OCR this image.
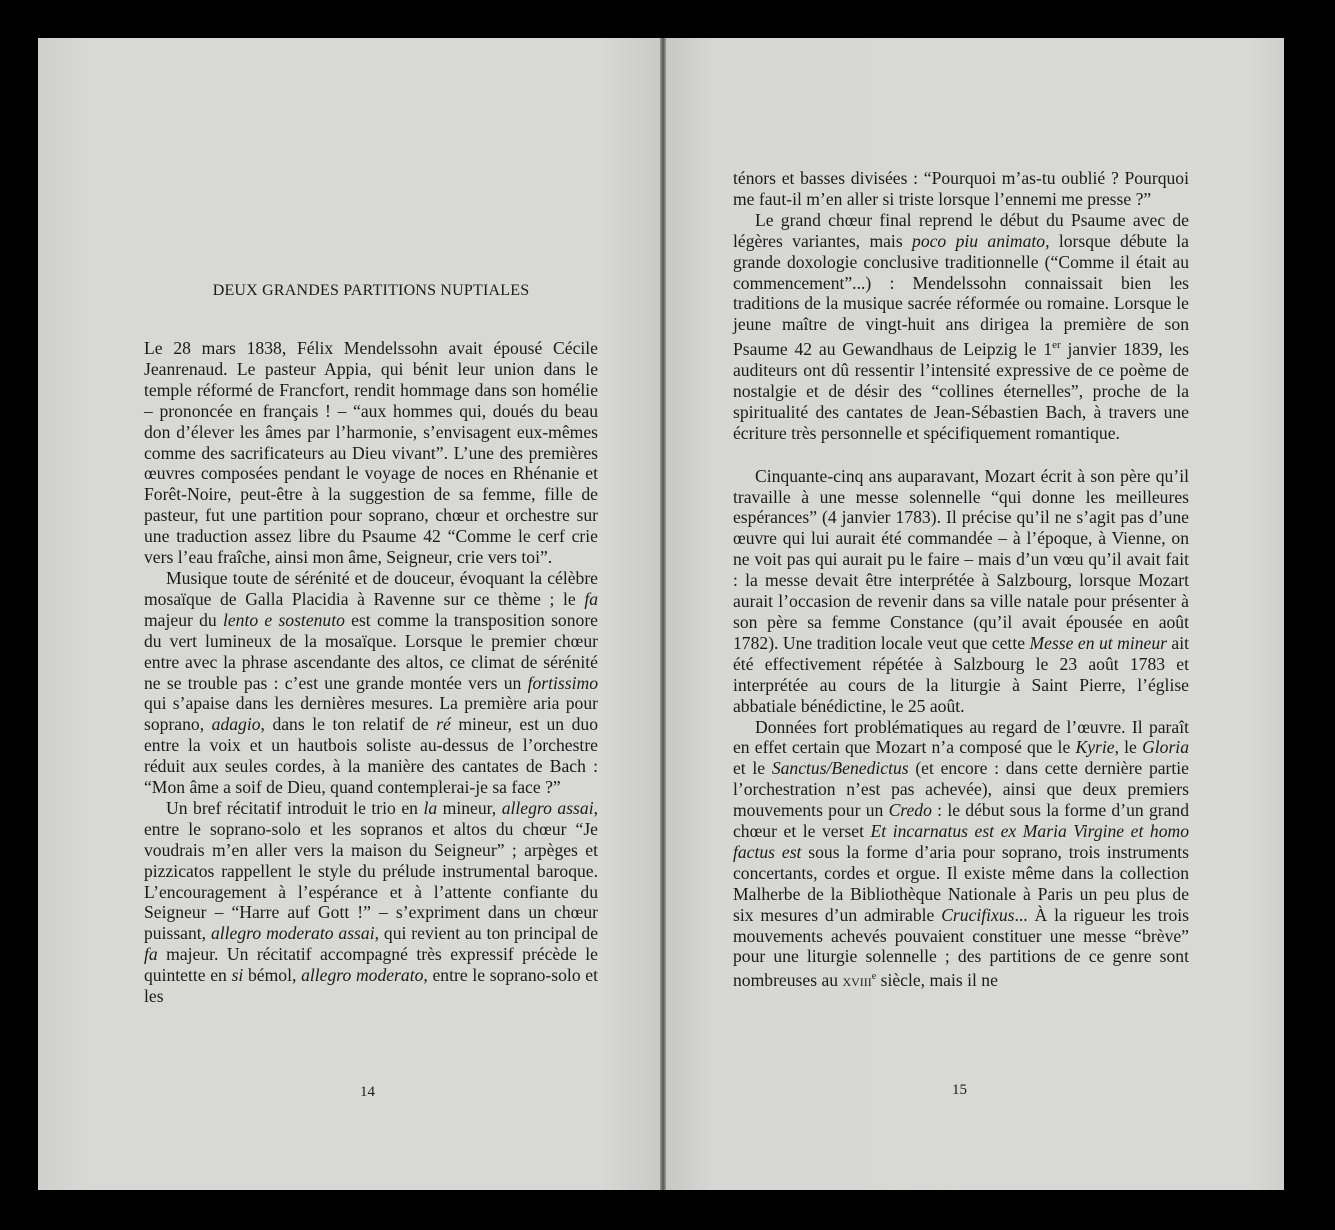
DEUX GRANDES PARTITIONS NUPTIALES

Le 28 mars 1838, Félix Mendelssohn avait épousé Cécile Jeanrenaud. Le pasteur Appia, qui bénit leur union dans le temple réformé de Francfort, rendit hommage dans son homélie – prononcée en français ! – “aux hommes qui, doués du beau don d’élever les âmes par l’harmonie, s’envisagent eux-mêmes comme des sacrificateurs au Dieu vivant”. L’une des premières œuvres composées pendant le voyage de noces en Rhénanie et Forêt-Noire, peut-être à la suggestion de sa femme, fille de pasteur, fut une partition pour soprano, chœur et orchestre sur une traduction assez libre du Psaume 42 “Comme le cerf crie vers l’eau fraîche, ainsi mon âme, Seigneur, crie vers toi”.

Musique toute de sérénité et de douceur, évoquant la célèbre mosaïque de Galla Placidia à Ravenne sur ce thème ; le fa majeur du lento e sostenuto est comme la transposition sonore du vert lumineux de la mosaïque. Lorsque le premier chœur entre avec la phrase ascendante des altos, ce climat de sérénité ne se trouble pas : c’est une grande montée vers un fortissimo qui s’apaise dans les dernières mesures. La première aria pour soprano, adagio, dans le ton relatif de ré mineur, est un duo entre la voix et un hautbois soliste au-dessus de l’orchestre réduit aux seules cordes, à la manière des cantates de Bach : “Mon âme a soif de Dieu, quand contemplerai-je sa face ?”

Un bref récitatif introduit le trio en la mineur, allegro assai, entre le soprano-solo et les sopranos et altos du chœur “Je voudrais m’en aller vers la maison du Seigneur” ; arpèges et pizzicatos rappellent le style du prélude instrumental baroque. L’encouragement à l’espérance et à l’attente confiante du Seigneur – “Harre auf Gott !” – s’expriment dans un chœur puissant, allegro moderato assai, qui revient au ton principal de fa majeur. Un récitatif accompagné très expressif précède le quintette en si bémol, allegro moderato, entre le soprano-solo et les

14

ténors et basses divisées : “Pourquoi m’as-tu oublié ? Pourquoi me faut-il m’en aller si triste lorsque l’ennemi me presse ?”

Le grand chœur final reprend le début du Psaume avec de légères variantes, mais poco piu animato, lorsque débute la grande doxologie conclusive traditionnelle (“Comme il était au commencement”...) : Mendelssohn connaissait bien les traditions de la musique sacrée réformée ou romaine. Lorsque le jeune maître de vingt-huit ans dirigea la première de son Psaume 42 au Gewandhaus de Leipzig le 1er janvier 1839, les auditeurs ont dû ressentir l’intensité expressive de ce poème de nostalgie et de désir des “collines éternelles”, proche de la spiritualité des cantates de Jean-Sébastien Bach, à travers une écriture très personnelle et spécifiquement romantique.

Cinquante-cinq ans auparavant, Mozart écrit à son père qu’il travaille à une messe solennelle “qui donne les meilleures espérances” (4 janvier 1783). Il précise qu’il ne s’agit pas d’une œuvre qui lui aurait été commandée – à l’époque, à Vienne, on ne voit pas qui aurait pu le faire – mais d’un vœu qu’il avait fait : la messe devait être interprétée à Salzbourg, lorsque Mozart aurait l’occasion de revenir dans sa ville natale pour présenter à son père sa femme Constance (qu’il avait épousée en août 1782). Une tradition locale veut que cette Messe en ut mineur ait été effectivement répétée à Salzbourg le 23 août 1783 et interprétée au cours de la liturgie à Saint Pierre, l’église abbatiale bénédictine, le 25 août.

Données fort problématiques au regard de l’œuvre. Il paraît en effet certain que Mozart n’a composé que le Kyrie, le Gloria et le Sanctus/Benedictus (et encore : dans cette dernière partie l’orchestration n’est pas achevée), ainsi que deux premiers mouvements pour un Credo : le début sous la forme d’un grand chœur et le verset Et incarnatus est ex Maria Virgine et homo factus est sous la forme d’aria pour soprano, trois instruments concertants, cordes et orgue. Il existe même dans la collection Malherbe de la Bibliothèque Nationale à Paris un peu plus de six mesures d’un admirable Crucifixus... À la rigueur les trois mouvements achevés pouvaient constituer une messe “brève” pour une liturgie solennelle ; des partitions de ce genre sont nombreuses au xviii$^e$ siècle, mais il ne

15
